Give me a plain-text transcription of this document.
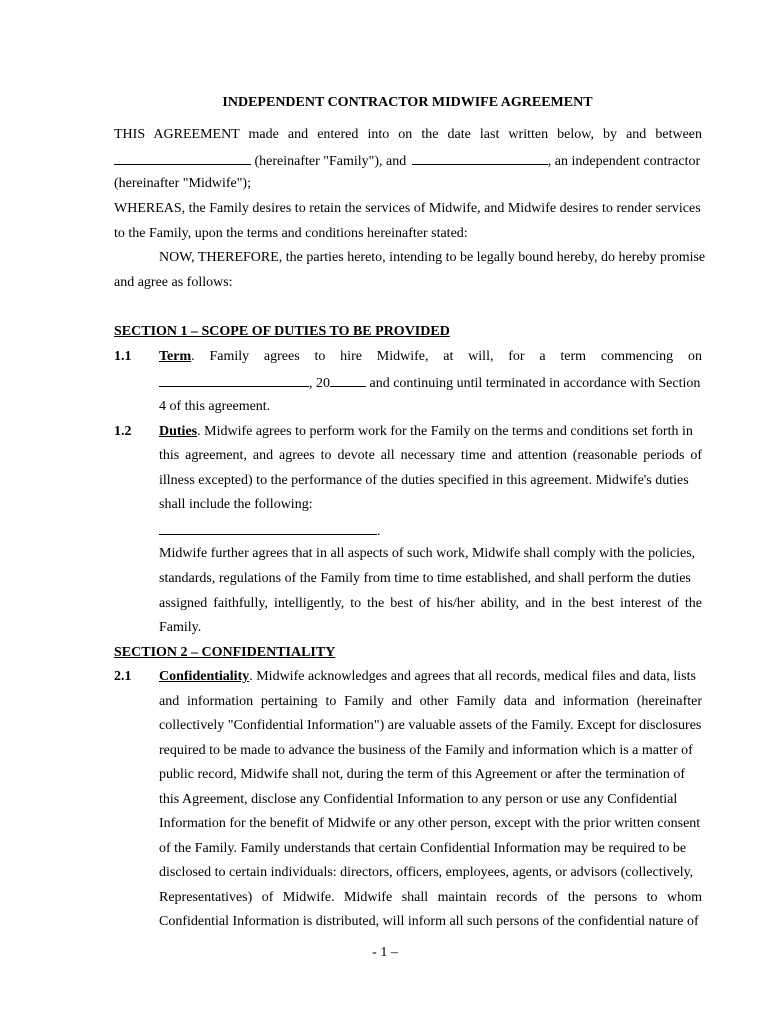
INDEPENDENT CONTRACTOR MIDWIFE AGREEMENT
THIS AGREEMENT made and entered into on the date last written below, by and between
(hereinafter "Family"), and	, an independent contractor
(hereinafter "Midwife");
WHEREAS, the Family desires to retain the services of Midwife, and Midwife desires to render services
to the Family, upon the terms and conditions hereinafter stated:
NOW, THEREFORE, the parties hereto, intending to be legally bound hereby, do hereby promise
and agree as follows:
SECTION 1 – SCOPE OF DUTIES TO BE PROVIDED
1.1 Term. Family agrees to hire Midwife, at will, for a term commencing on
, 20	and continuing until terminated in accordance with Section
4 of this agreement.
1.2 Duties. Midwife agrees to perform work for the Family on the terms and conditions set forth in
this agreement, and agrees to devote all necessary time and attention (reasonable periods of
illness excepted) to the performance of the duties specified in this agreement. Midwife's duties
shall include the following:
.
Midwife further agrees that in all aspects of such work, Midwife shall comply with the policies,
standards, regulations of the Family from time to time established, and shall perform the duties
assigned faithfully, intelligently, to the best of his/her ability, and in the best interest of the
Family.
SECTION 2 – CONFIDENTIALITY
2.1 Confidentiality. Midwife acknowledges and agrees that all records, medical files and data, lists
and information pertaining to Family and other Family data and information (hereinafter
collectively "Confidential Information") are valuable assets of the Family. Except for disclosures
required to be made to advance the business of the Family and information which is a matter of
public record, Midwife shall not, during the term of this Agreement or after the termination of
this Agreement, disclose any Confidential Information to any person or use any Confidential
Information for the benefit of Midwife or any other person, except with the prior written consent
of the Family. Family understands that certain Confidential Information may be required to be
disclosed to certain individuals: directors, officers, employees, agents, or advisors (collectively,
Representatives) of Midwife. Midwife shall maintain records of the persons to whom
Confidential Information is distributed, will inform all such persons of the confidential nature of
- 1 –
